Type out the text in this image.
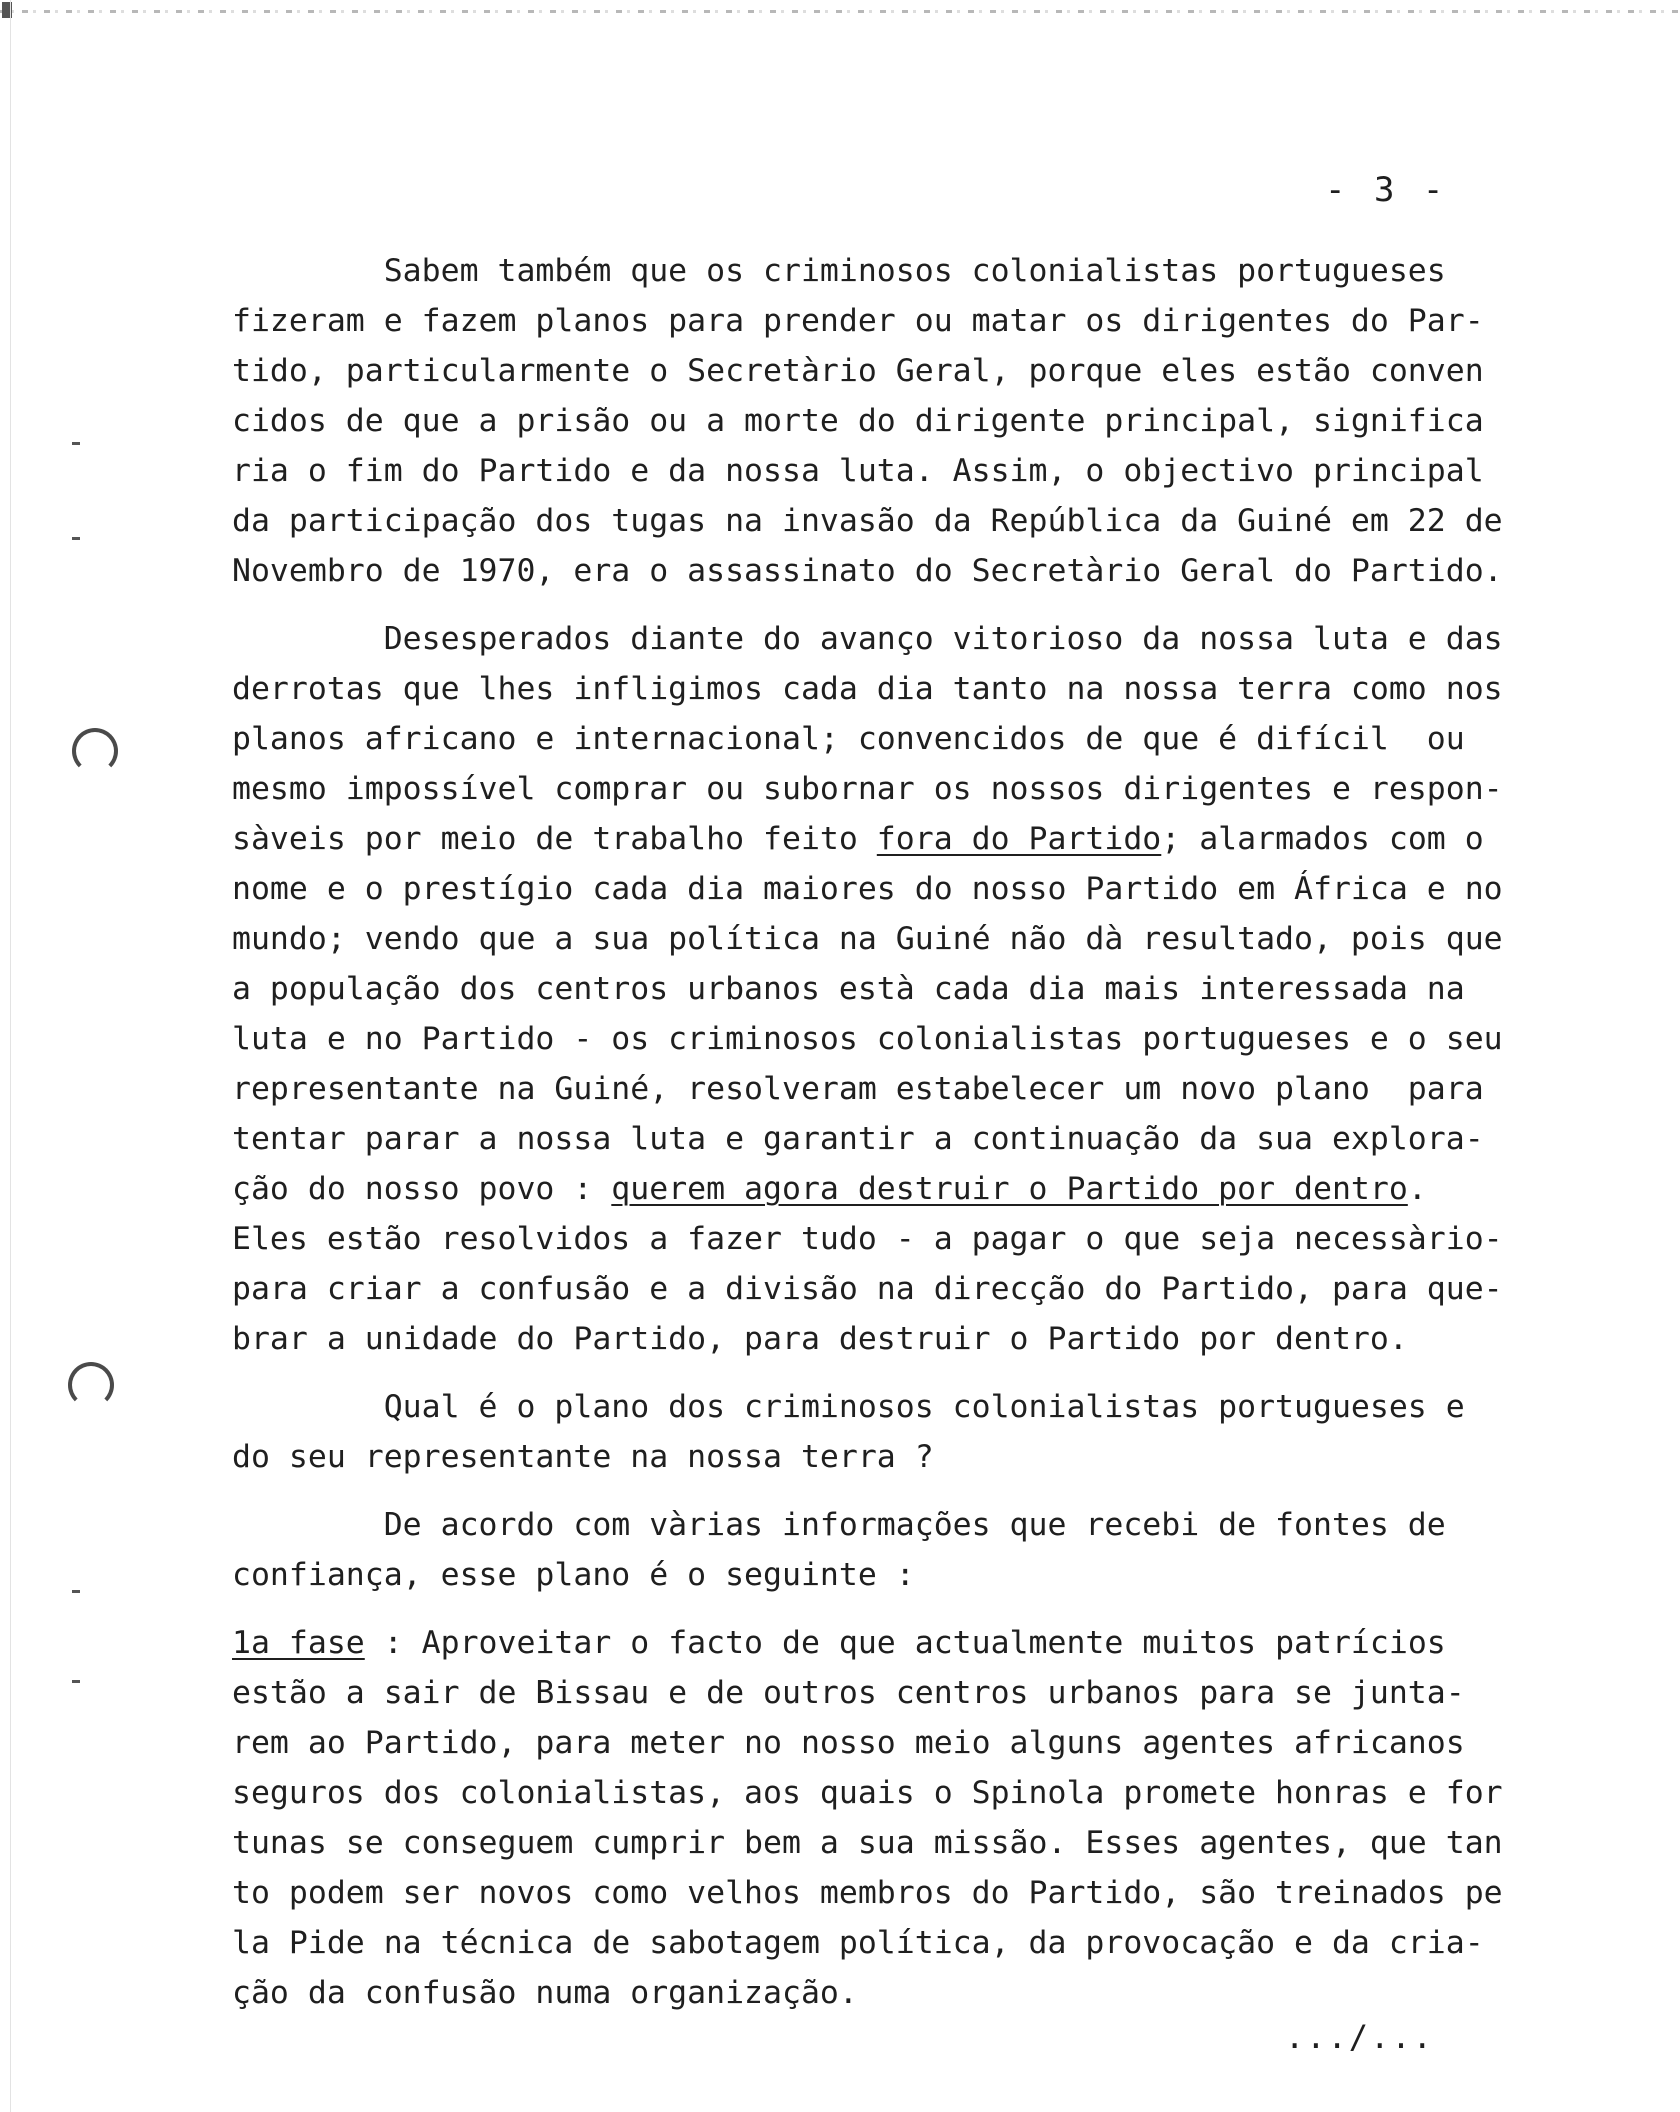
- 3 -
Sabem também que os criminosos colonialistas portugueses
fizeram e fazem planos para prender ou matar os dirigentes do Par-
tido, particularmente o Secretàrio Geral, porque eles estão conven
cidos de que a prisão ou a morte do dirigente principal, significa
ria o fim do Partido e da nossa luta. Assim, o objectivo principal
da participação dos tugas na invasão da República da Guiné em 22 de
Novembro de 1970, era o assassinato do Secretàrio Geral do Partido.
Desesperados diante do avanço vitorioso da nossa luta e das
derrotas que lhes infligimos cada dia tanto na nossa terra como nos
planos africano e internacional; convencidos de que é difícil  ou
mesmo impossível comprar ou subornar os nossos dirigentes e respon-
sàveis por meio de trabalho feito fora do Partido; alarmados com o
nome e o prestígio cada dia maiores do nosso Partido em África e no
mundo; vendo que a sua política na Guiné não dà resultado, pois que
a população dos centros urbanos està cada dia mais interessada na
luta e no Partido - os criminosos colonialistas portugueses e o seu
representante na Guiné, resolveram estabelecer um novo plano  para
tentar parar a nossa luta e garantir a continuação da sua explora-
ção do nosso povo : querem agora destruir o Partido por dentro.
Eles estão resolvidos a fazer tudo - a pagar o que seja necessàrio-
para criar a confusão e a divisão na direcção do Partido, para que-
brar a unidade do Partido, para destruir o Partido por dentro.
Qual é o plano dos criminosos colonialistas portugueses e
do seu representante na nossa terra ?
De acordo com vàrias informações que recebi de fontes de
confiança, esse plano é o seguinte :
1a fase : Aproveitar o facto de que actualmente muitos patrícios
estão a sair de Bissau e de outros centros urbanos para se junta-
rem ao Partido, para meter no nosso meio alguns agentes africanos
seguros dos colonialistas, aos quais o Spinola promete honras e for
tunas se conseguem cumprir bem a sua missão. Esses agentes, que tan
to podem ser novos como velhos membros do Partido, são treinados pe
la Pide na técnica de sabotagem política, da provocação e da cria-
ção da confusão numa organização.
.../...
